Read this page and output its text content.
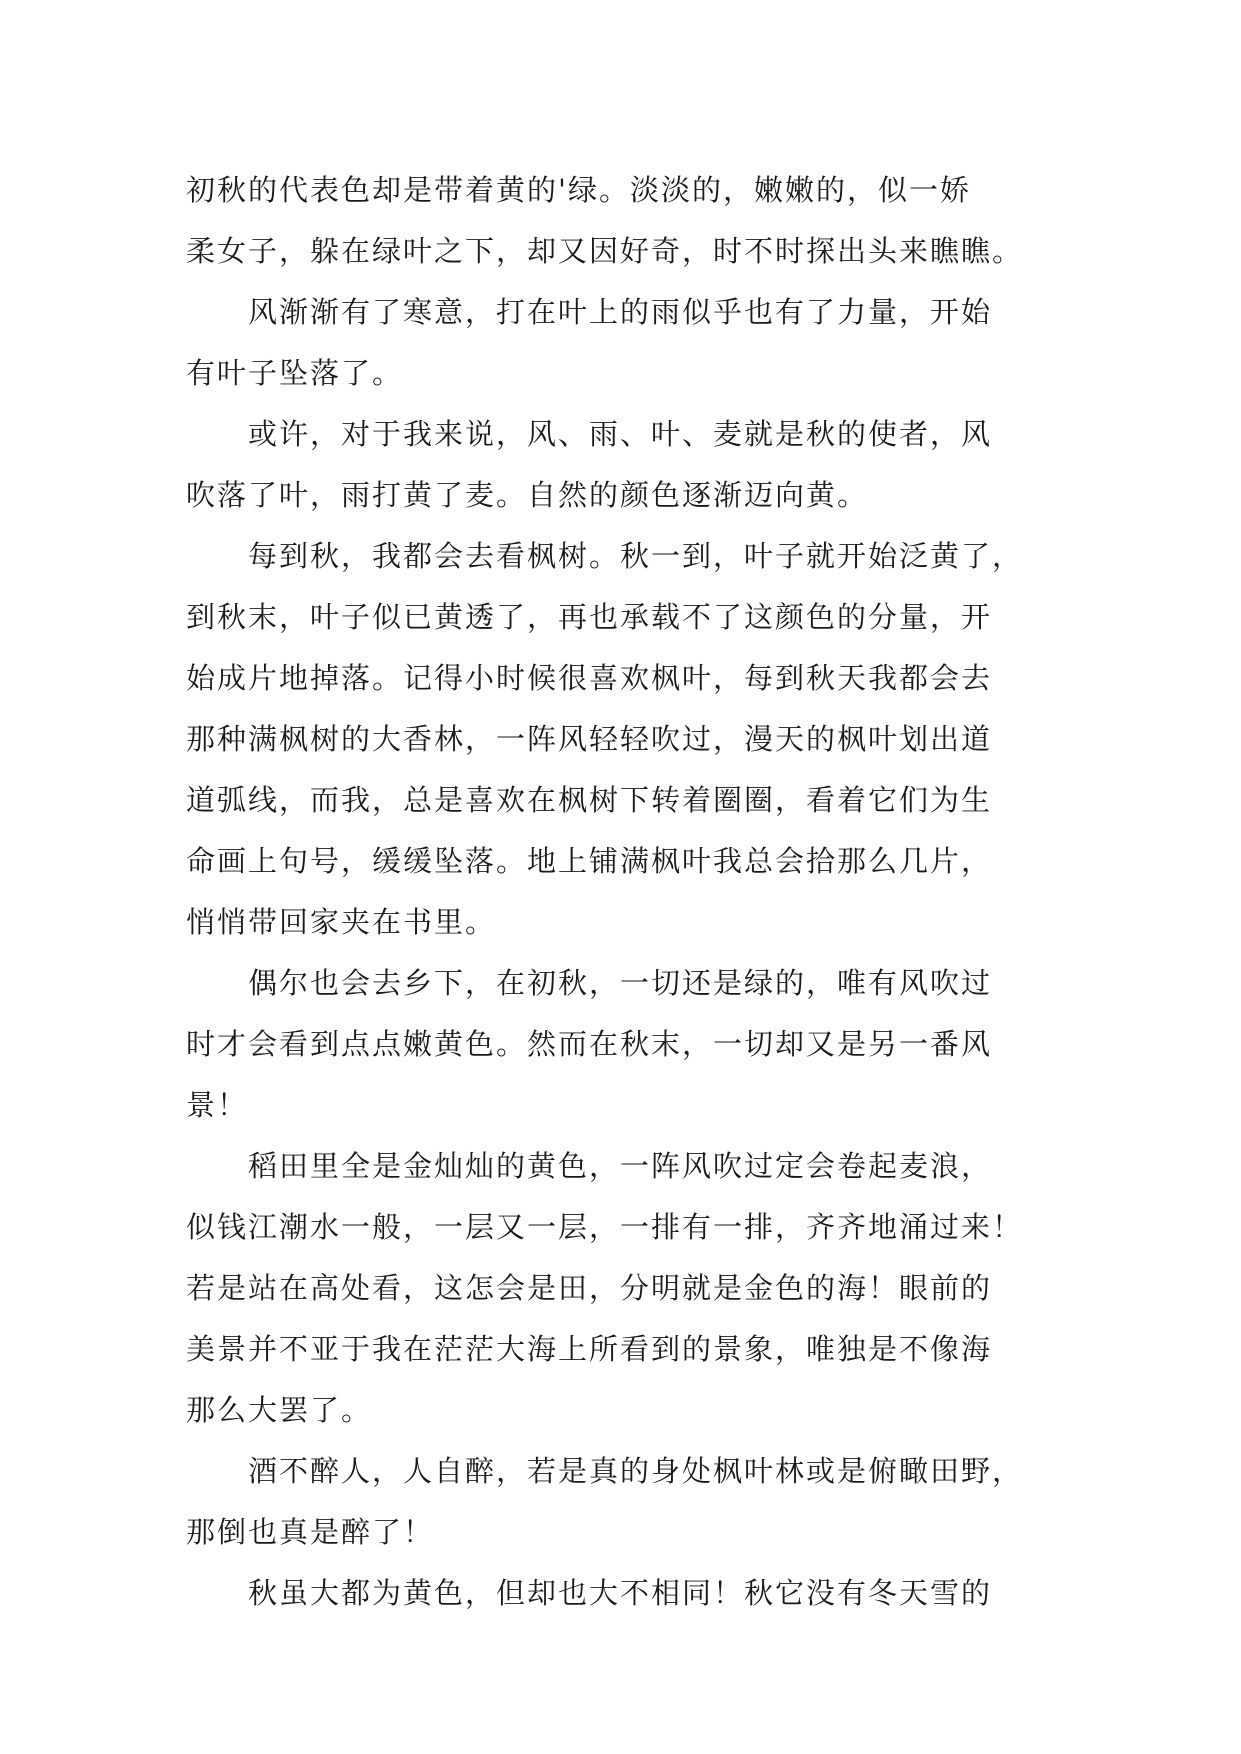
初秋的代表色却是带着黄的'绿。淡淡的，嫩嫩的，似一娇
柔女子，躲在绿叶之下，却又因好奇，时不时探出头来瞧瞧。
风渐渐有了寒意，打在叶上的雨似乎也有了力量，开始
有叶子坠落了。
或许，对于我来说，风、雨、叶、麦就是秋的使者，风
吹落了叶，雨打黄了麦。自然的颜色逐渐迈向黄。
每到秋，我都会去看枫树。秋一到，叶子就开始泛黄了，
到秋末，叶子似已黄透了，再也承载不了这颜色的分量，开
始成片地掉落。记得小时候很喜欢枫叶，每到秋天我都会去
那种满枫树的大香林，一阵风轻轻吹过，漫天的枫叶划出道
道弧线，而我，总是喜欢在枫树下转着圈圈，看着它们为生
命画上句号，缓缓坠落。地上铺满枫叶我总会拾那么几片，
悄悄带回家夹在书里。
偶尔也会去乡下，在初秋，一切还是绿的，唯有风吹过
时才会看到点点嫩黄色。然而在秋末，一切却又是另一番风
景！
稻田里全是金灿灿的黄色，一阵风吹过定会卷起麦浪，
似钱江潮水一般，一层又一层，一排有一排，齐齐地涌过来！
若是站在高处看，这怎会是田，分明就是金色的海！眼前的
美景并不亚于我在茫茫大海上所看到的景象，唯独是不像海
那么大罢了。
酒不醉人，人自醉，若是真的身处枫叶林或是俯瞰田野，
那倒也真是醉了！
秋虽大都为黄色，但却也大不相同！秋它没有冬天雪的
